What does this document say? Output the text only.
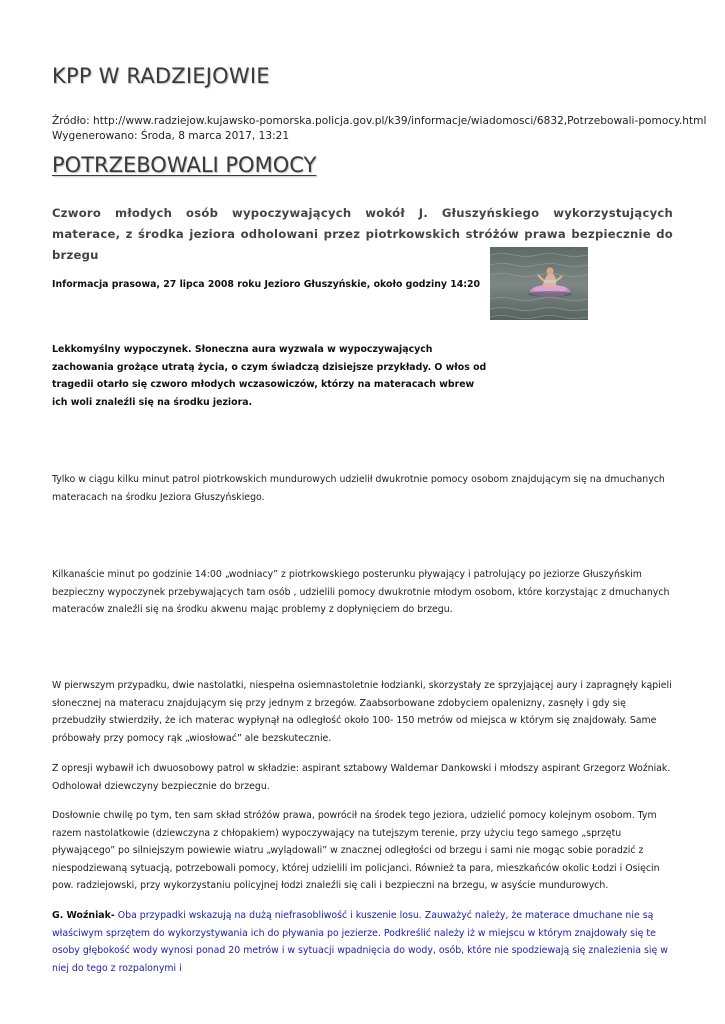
KPP W RADZIEJOWIE
Źródło: http://www.radziejow.kujawsko-pomorska.policja.gov.pl/k39/informacje/wiadomosci/6832,Potrzebowali-pomocy.html
Wygenerowano: Środa, 8 marca 2017, 13:21
POTRZEBOWALI POMOCY

Czworo młodych osób wypoczywających wokół J. Głuszyńskiego wykorzystujących materace, z środka jeziora odholowani przez piotrkowskich stróżów prawa bezpiecznie do brzegu

Informacja prasowa, 27 lipca 2008 roku Jezioro Głuszyńskie, około godziny 14:20

Lekkomyślny wypoczynek. Słoneczna aura wyzwala w wypoczywających zachowania grożące utratą życia, o czym świadczą dzisiejsze przykłady. O włos od tragedii otarło się czworo młodych wczasowiczów, którzy na materacach wbrew ich woli znaleźli się na środku jeziora.

Tylko w ciągu kilku minut patrol piotrkowskich mundurowych udzielił dwukrotnie pomocy osobom znajdującym się na dmuchanych materacach na środku Jeziora Głuszyńskiego.

Kilkanaście minut po godzinie 14:00 „wodniacy” z piotrkowskiego posterunku pływający i patrolujący po jeziorze Głuszyńskim bezpieczny wypoczynek przebywających tam osób , udzielili pomocy dwukrotnie młodym osobom, które korzystając z dmuchanych materaców znaleźli się na środku akwenu mając problemy z dopłynięciem do brzegu.

W pierwszym przypadku, dwie nastolatki, niespełna osiemnastoletnie łodzianki, skorzystały ze sprzyjającej aury i zapragnęły kąpieli słonecznej na materacu znajdującym się przy jednym z brzegów. Zaabsorbowane zdobyciem opalenizny, zasnęły i gdy się przebudziły stwierdziły, że ich materac wypłynął na odległość około 100- 150 metrów od miejsca w którym się znajdowały. Same próbowały przy pomocy rąk „wiosłować” ale bezskutecznie.

Z opresji wybawił ich dwuosobowy patrol w składzie: aspirant sztabowy Waldemar Dankowski i młodszy aspirant Grzegorz Woźniak. Odholował dziewczyny bezpiecznie do brzegu.

Dosłownie chwilę po tym, ten sam skład stróżów prawa, powrócił na środek tego jeziora, udzielić pomocy kolejnym osobom. Tym razem nastolatkowie (dziewczyna z chłopakiem) wypoczywający na tutejszym terenie, przy użyciu tego samego „sprzętu pływającego” po silniejszym powiewie wiatru „wylądowali” w znacznej odległości od brzegu i sami nie mogąc sobie poradzić z niespodziewaną sytuacją, potrzebowali pomocy, której udzielili im policjanci. Również ta para, mieszkańców okolic Łodzi i Osięcin pow. radziejowski, przy wykorzystaniu policyjnej łodzi znaleźli się cali i bezpieczni na brzegu, w asyście mundurowych.

G. Woźniak- Oba przypadki wskazują na dużą niefrasobliwość i kuszenie losu. Zauważyć należy, że materace dmuchane nie są właściwym sprzętem do wykorzystywania ich do pływania po jezierze. Podkreślić należy iż w miejscu w którym znajdowały się te osoby głębokość wody wynosi ponad 20 metrów i w sytuacji wpadnięcia do wody, osób, które nie spodziewają się znalezienia się w niej do tego z rozpalonymi i
